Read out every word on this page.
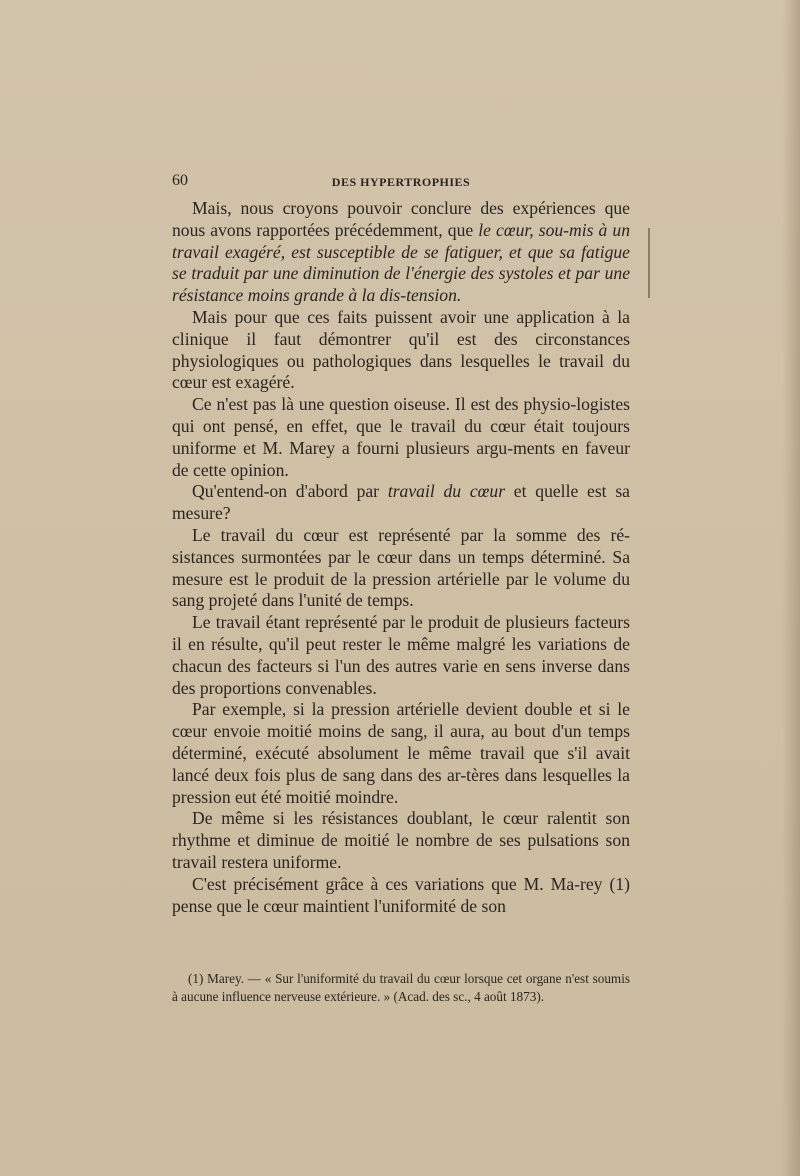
60	DES HYPERTROPHIES

Mais, nous croyons pouvoir conclure des expériences que nous avons rapportées précédemment, que le cœur, sou-mis à un travail exagéré, est susceptible de se fatiguer, et que sa fatigue se traduit par une diminution de l'énergie des systoles et par une résistance moins grande à la dis-tension.

Mais pour que ces faits puissent avoir une application à la clinique il faut démontrer qu'il est des circonstances physiologiques ou pathologiques dans lesquelles le travail du cœur est exagéré.

Ce n'est pas là une question oiseuse. Il est des physio-logistes qui ont pensé, en effet, que le travail du cœur était toujours uniforme et M. Marey a fourni plusieurs argu-ments en faveur de cette opinion.

Qu'entend-on d'abord par travail du cœur et quelle est sa mesure?

Le travail du cœur est représenté par la somme des ré-sistances surmontées par le cœur dans un temps déterminé. Sa mesure est le produit de la pression artérielle par le volume du sang projeté dans l'unité de temps.

Le travail étant représenté par le produit de plusieurs facteurs il en résulte, qu'il peut rester le même malgré les variations de chacun des facteurs si l'un des autres varie en sens inverse dans des proportions convenables.

Par exemple, si la pression artérielle devient double et si le cœur envoie moitié moins de sang, il aura, au bout d'un temps déterminé, exécuté absolument le même travail que s'il avait lancé deux fois plus de sang dans des ar-tères dans lesquelles la pression eut été moitié moindre.

De même si les résistances doublant, le cœur ralentit son rhythme et diminue de moitié le nombre de ses pulsations son travail restera uniforme.

C'est précisément grâce à ces variations que M. Ma-rey (1) pense que le cœur maintient l'uniformité de son

(1) Marey. — « Sur l'uniformité du travail du cœur lorsque cet organe n'est soumis à aucune influence nerveuse extérieure. » (Acad. des sc., 4 août 1873).
